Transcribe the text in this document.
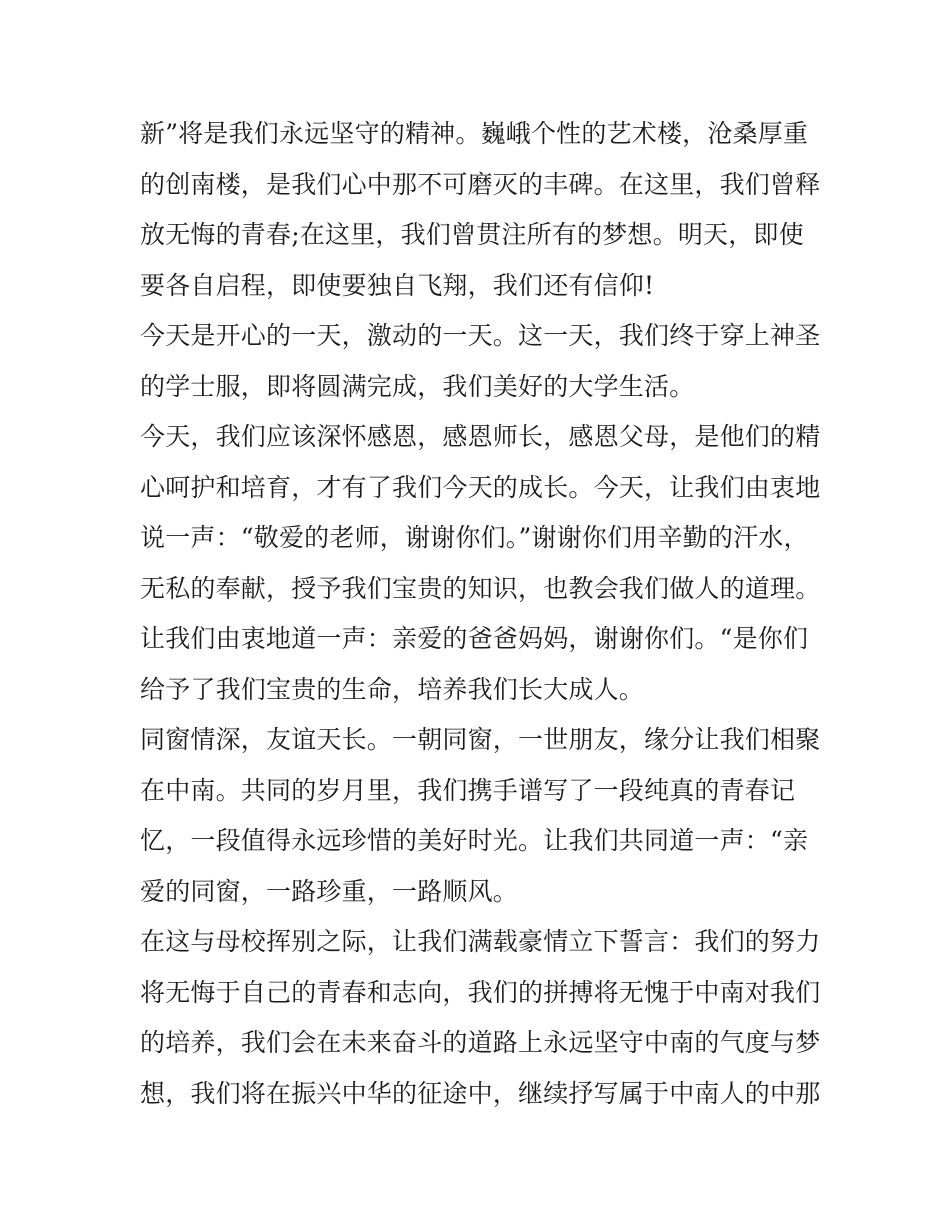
新”将是我们永远坚守的精神。巍峨个性的艺术楼，沧桑厚重
的创南楼，是我们心中那不可磨灭的丰碑。在这里，我们曾释
放无悔的青春;在这里，我们曾贯注所有的梦想。明天，即使
要各自启程，即使要独自飞翔，我们还有信仰!
今天是开心的一天，激动的一天。这一天，我们终于穿上神圣
的学士服，即将圆满完成，我们美好的大学生活。
今天，我们应该深怀感恩，感恩师长，感恩父母，是他们的精
心呵护和培育，才有了我们今天的成长。今天，让我们由衷地
说一声：“敬爱的老师，谢谢你们。”谢谢你们用辛勤的汗水，
无私的奉献，授予我们宝贵的知识，也教会我们做人的道理。
让我们由衷地道一声：亲爱的爸爸妈妈，谢谢你们。“是你们
给予了我们宝贵的生命，培养我们长大成人。
同窗情深，友谊天长。一朝同窗，一世朋友，缘分让我们相聚
在中南。共同的岁月里，我们携手谱写了一段纯真的青春记
忆，一段值得永远珍惜的美好时光。让我们共同道一声：“亲
爱的同窗，一路珍重，一路顺风。
在这与母校挥别之际，让我们满载豪情立下誓言：我们的努力
将无悔于自己的青春和志向，我们的拼搏将无愧于中南对我们
的培养，我们会在未来奋斗的道路上永远坚守中南的气度与梦
想，我们将在振兴中华的征途中，继续抒写属于中南人的中那
